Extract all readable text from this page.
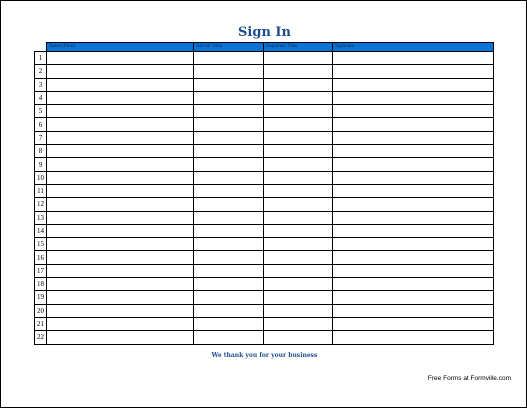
Sign In
	Name (Print)	Arrival Time	Departure Time	Signature
1				
2				
3				
4				
5				
6				
7				
8				
9				
10				
11				
12				
13				
14				
15				
16				
17				
18				
19				
20				
21				
22				
We thank you for your business
Free Forms at Formville.com
